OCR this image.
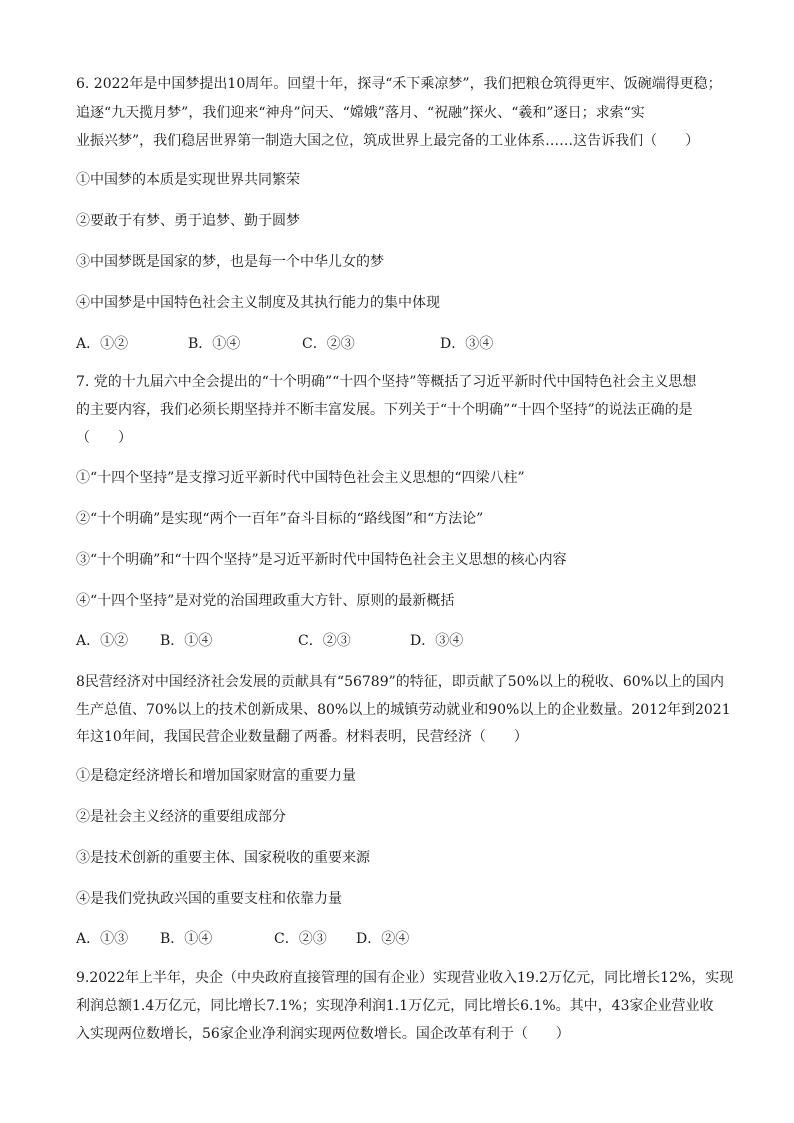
6. 2022年是中国梦提出10周年。回望十年，探寻“禾下乘凉梦”，我们把粮仓筑得更牢、饭碗端得更稳；
追逐“九天揽月梦”，我们迎来“神舟”问天、“嫦娥”落月、“祝融”探火、“羲和”逐日；求索“实
业振兴梦”，我们稳居世界第一制造大国之位，筑成世界上最完备的工业体系……这告诉我们（　　）
①中国梦的本质是实现世界共同繁荣
②要敢于有梦、勇于追梦、勤于圆梦
③中国梦既是国家的梦，也是每一个中华儿女的梦
④中国梦是中国特色社会主义制度及其执行能力的集中体现
A．①②	B．①④	C．②③	D．③④
7. 党的十九届六中全会提出的“十个明确”“十四个坚持”等概括了习近平新时代中国特色社会主义思想
的主要内容，我们必须长期坚持并不断丰富发展。下列关于“十个明确”“十四个坚持”的说法正确的是
（　　）
①“十四个坚持”是支撑习近平新时代中国特色社会主义思想的“四梁八柱”
②“十个明确”是实现“两个一百年”奋斗目标的“路线图”和“方法论”
③“十个明确”和“十四个坚持”是习近平新时代中国特色社会主义思想的核心内容
④“十四个坚持”是对党的治国理政重大方针、原则的最新概括
A．①② B．①④	C．②③	D．③④
8民营经济对中国经济社会发展的贡献具有“56789”的特征，即贡献了50%以上的税收、60%以上的国内
生产总值、70%以上的技术创新成果、80%以上的城镇劳动就业和90%以上的企业数量。2012年到2021
年这10年间，我国民营企业数量翻了两番。材料表明，民营经济（　　）
①是稳定经济增长和增加国家财富的重要力量
②是社会主义经济的重要组成部分
③是技术创新的重要主体、国家税收的重要来源
④是我们党执政兴国的重要支柱和依靠力量
A．①③ B．①④	C．②③ D．②④
9.2022年上半年，央企（中央政府直接管理的国有企业）实现营业收入19.2万亿元，同比增长12%，实现
利润总额1.4万亿元，同比增长7.1%；实现净利润1.1万亿元，同比增长6.1%。其中，43家企业营业收
入实现两位数增长，56家企业净利润实现两位数增长。国企改革有利于（　　）
